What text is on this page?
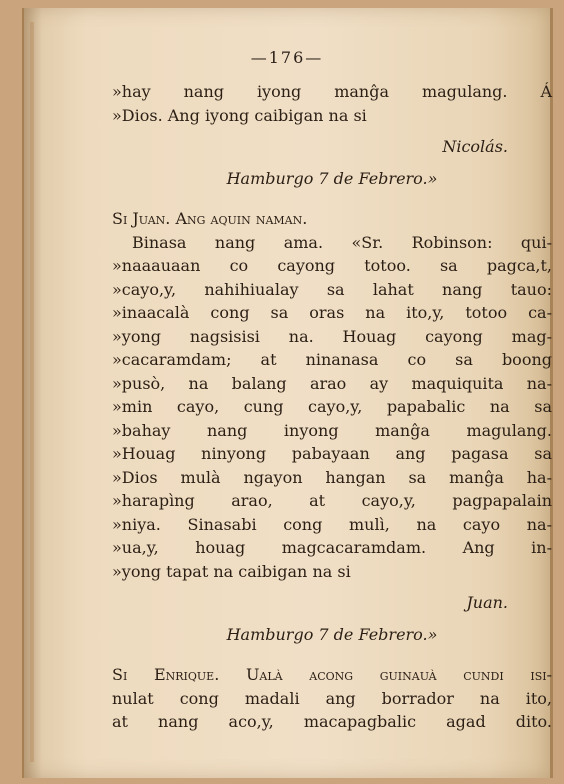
—176—
»hay nang iyong manĝa magulang. Á
»Dios. Ang iyong caibigan na si
Nicolás.
Hamburgo 7 de Febrero.»
Si Juan. Ang aquin naman.
Binasa nang ama. «Sr. Robinson: qui-
»naaauaan co cayong totoo. sa pagca,t,
»cayo,y, nahihiualay sa lahat nang tauo:
»inaacalà cong sa oras na ito,y, totoo ca-
»yong nagsisisi na. Houag cayong mag-
»cacaramdam; at ninanasa co sa boong
»pusò, na balang arao ay maquiquita na-
»min cayo, cung cayo,y, papabalic na sa
»bahay nang inyong manĝa magulang.
»Houag ninyong pabayaan ang pagasa sa
»Dios mulà ngayon hangan sa manĝa ha-
»harapìng arao, at cayo,y, pagpapalain
»niya. Sinasabi cong mulì, na cayo na-
»ua,y, houag magcacaramdam. Ang in-
»yong tapat na caibigan na si
Juan.
Hamburgo 7 de Febrero.»
Si Enrique. Ualà acong guinauà cundi isi-
nulat cong madali ang borrador na ito,
at nang aco,y, macapagbalic agad dito.
